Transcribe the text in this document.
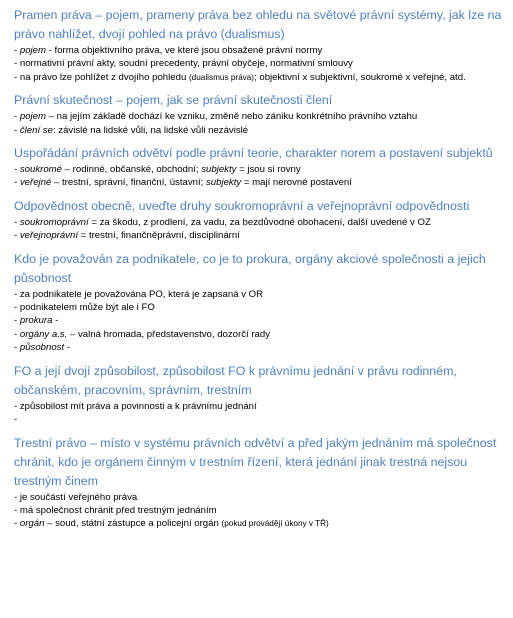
Pramen práva – pojem, prameny práva bez ohledu na světové právní systémy, jak lze na právo nahlížet, dvojí pohled na právo (dualismus)

- pojem - forma objektivního práva, ve které jsou obsažené právní normy

- normativní právní akty, soudní precedenty, právní obyčeje, normativní smlouvy

- na právo lze pohlížet z dvojího pohledu (dualismus práva); objektivní x subjektivní, soukromé x veřejné, atd.

Právní skutečnost – pojem, jak se právní skutečnosti člení

- pojem – na jejím základě dochází ke vzniku, změně nebo zániku konkrétního právního vztahu

- člení se: závislé na lidské vůli, na lidské vůli nezávislé

Uspořádání právních odvětví podle právní teorie, charakter norem a postavení subjektů

- soukromé – rodinné, občanské, obchodní; subjekty = jsou si rovny

- veřejné – trestní, správní, finanční, ústavní; subjekty = mají nerovné postavení

Odpovědnost obecně, uveďte druhy soukromoprávní a veřejnoprávní odpovědnosti

- soukromoprávní = za škodu, z prodlení, za vadu, za bezdůvodné obohacení, další uvedené v OZ

- veřejnoprávní = trestní, finančněprávní, disciplinární

Kdo je považován za podnikatele, co je to prokura, orgány akciové společnosti a jejich působnost

- za podnikatele je považována PO, která je zapsaná v OR

- podnikatelem může být ale i FO

- prokura -

- orgány a.s. – valná hromada, představenstvo, dozorčí rady

- působnost -

FO a její dvojí způsobilost, způsobilost FO k právnímu jednání v právu rodinném, občanském, pracovním, správním, trestním

- způsobilost mít práva a povinnosti a k právnímu jednání

-

Trestní právo – místo v systému právních odvětví a před jakým jednáním má společnost chránit, kdo je orgánem činným v trestním řízení, která jednání jinak trestná nejsou trestným činem

- je součástí veřejného práva

- má společnost chránit před trestným jednáním

- orgán – soud, státní zástupce a policejní orgán (pokud provádějí úkony v TŘ)
